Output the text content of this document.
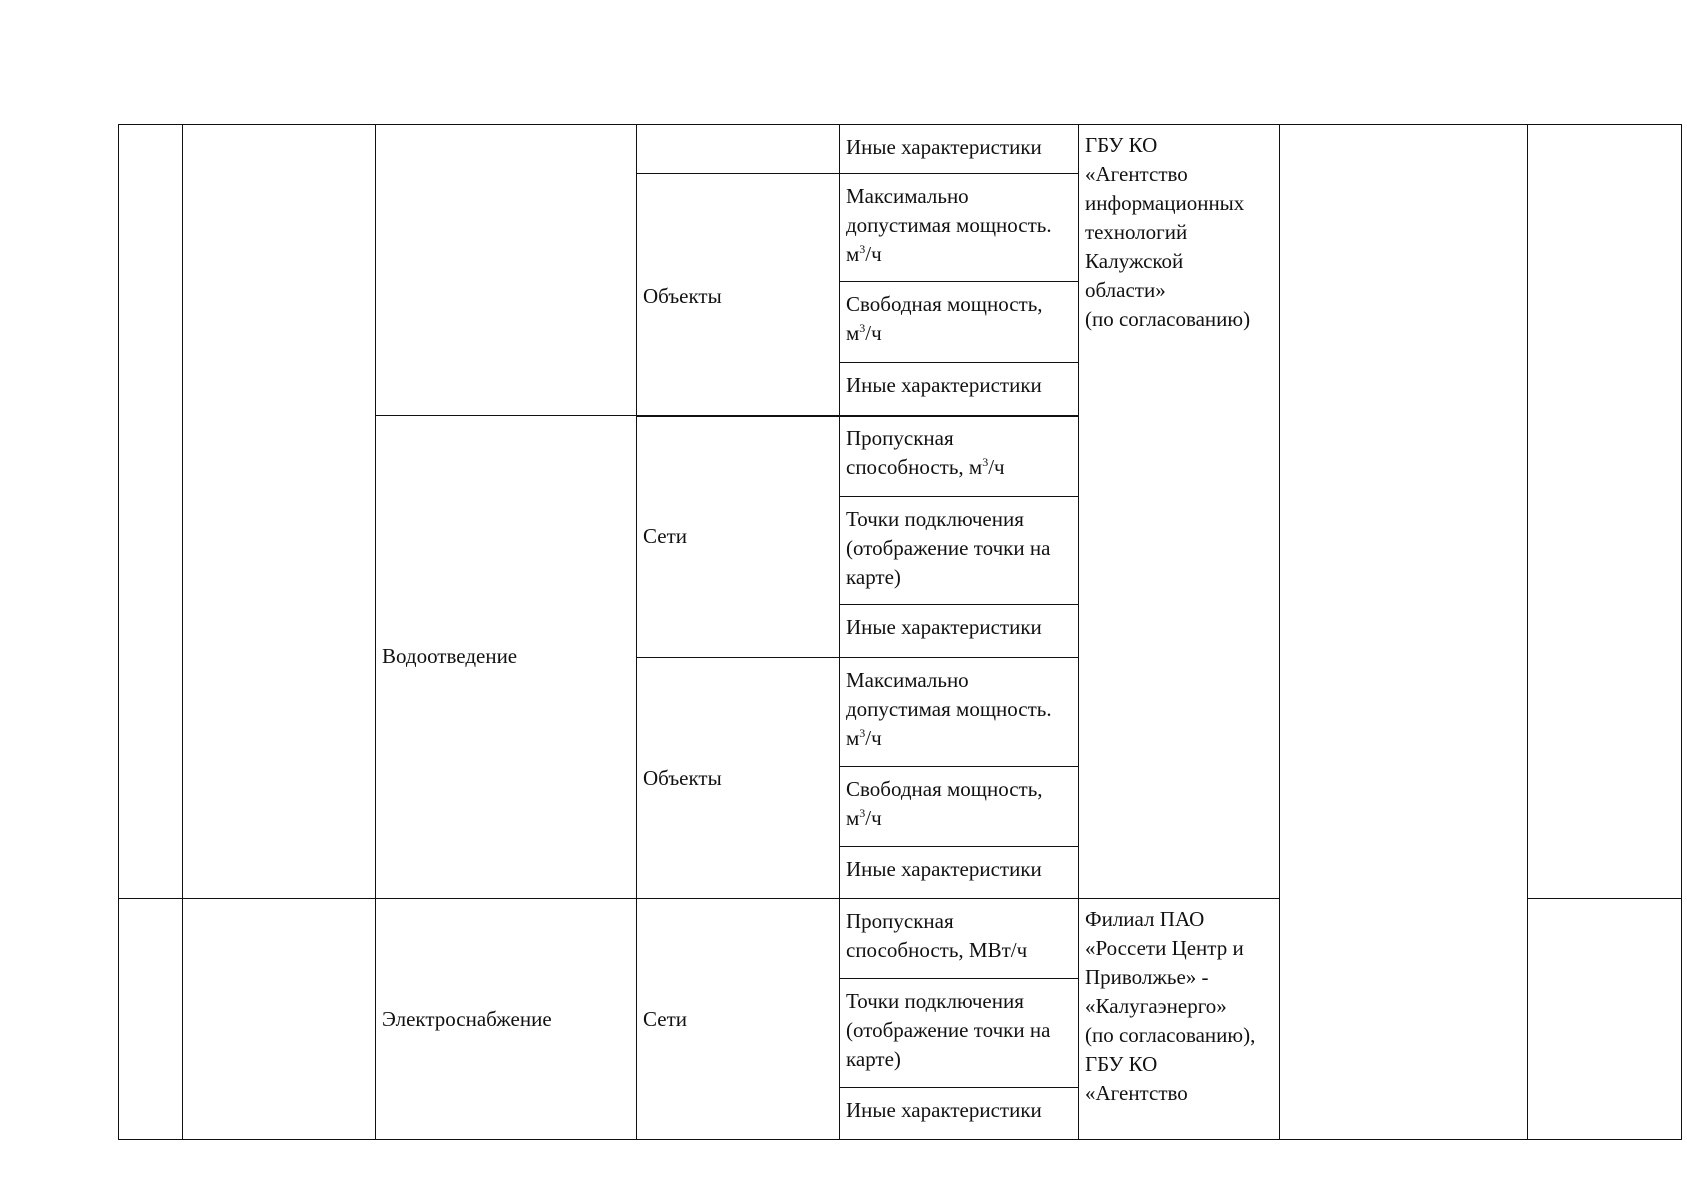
Объекты
Иные характеристики
Максимально допустимая мощность. $м^3/ч$
Свободная мощность, $м^3/ч$
Иные характеристики
Водоотведение
Сети
Объекты
Пропускная способность, $м^3/ч$
Точки подключения (отображение точки на карте)
Иные характеристики
Максимально допустимая мощность. $м^3/ч$
Свободная мощность, $м^3/ч$
Иные характеристики
ГБУ КО
«Агентство
информационных
технологий
Калужской
области»
(по согласованию)
Электроснабжение	Сети
Пропускная способность, МВт/ч
Точки подключения (отображение точки на карте)
Иные характеристики
Филиал ПАО
«Россети Центр и
Приволжье» -
«Калугаэнерго»
(по согласованию),
ГБУ КО
«Агентство
